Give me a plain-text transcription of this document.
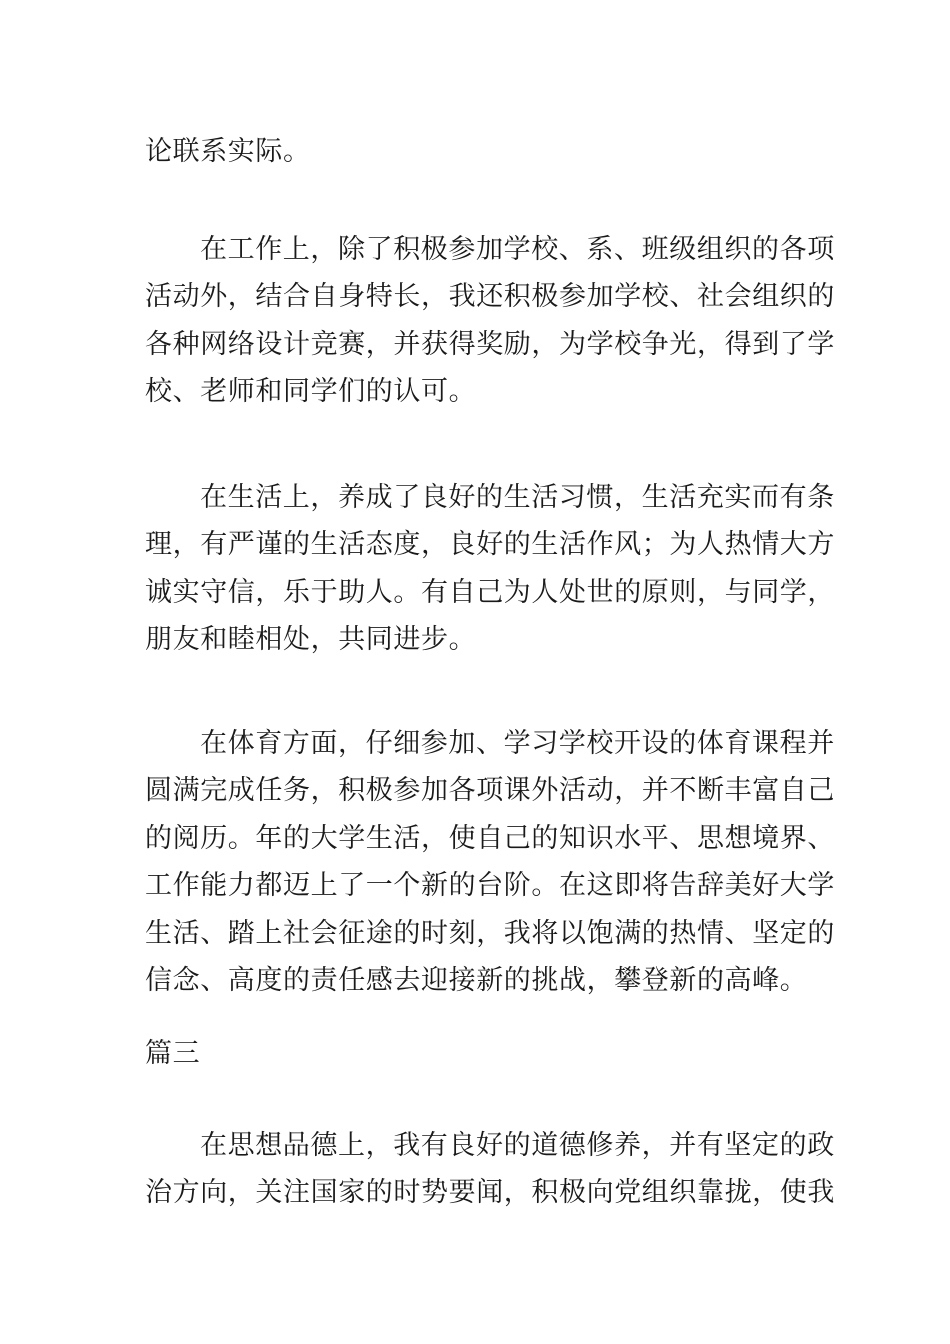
论联系实际。
在工作上，除了积极参加学校、系、班级组织的各项
活动外，结合自身特长，我还积极参加学校、社会组织的
各种网络设计竞赛，并获得奖励，为学校争光，得到了学
校、老师和同学们的认可。
在生活上，养成了良好的生活习惯，生活充实而有条
理，有严谨的生活态度，良好的生活作风；为人热情大方
诚实守信，乐于助人。有自己为人处世的原则，与同学，
朋友和睦相处，共同进步。
在体育方面，仔细参加、学习学校开设的体育课程并
圆满完成任务，积极参加各项课外活动，并不断丰富自己
的阅历。年的大学生活，使自己的知识水平、思想境界、
工作能力都迈上了一个新的台阶。在这即将告辞美好大学
生活、踏上社会征途的时刻，我将以饱满的热情、坚定的
信念、高度的责任感去迎接新的挑战，攀登新的高峰。
篇三
在思想品德上，我有良好的道德修养，并有坚定的政
治方向，关注国家的时势要闻，积极向党组织靠拢，使我
